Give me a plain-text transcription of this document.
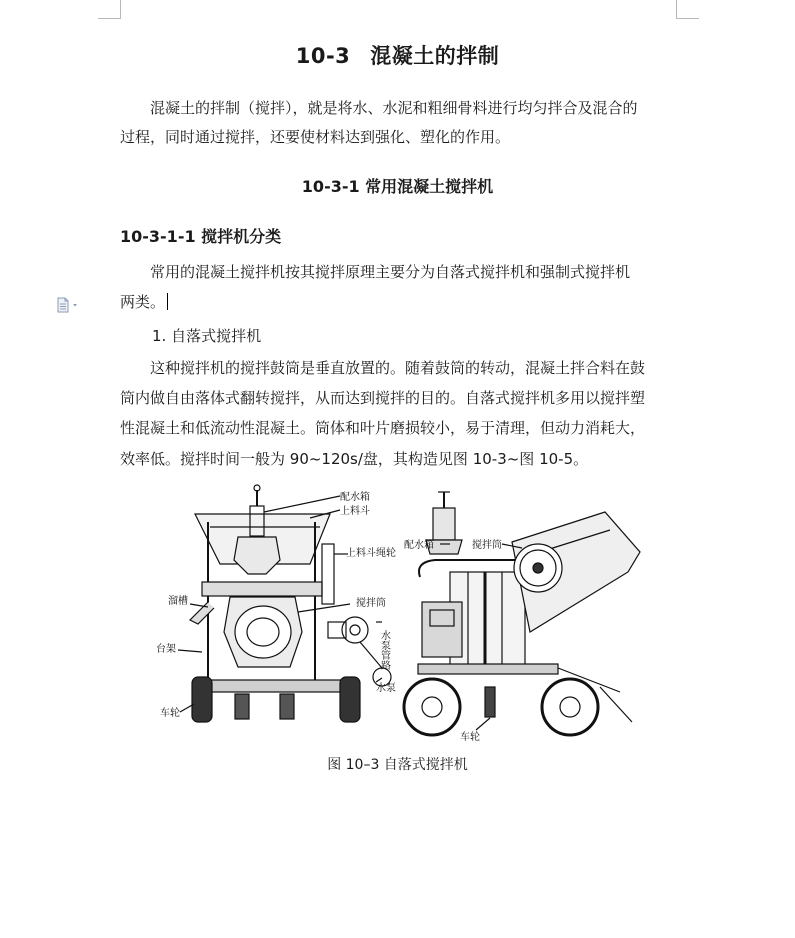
10-3 混凝土的拌制
混凝土的拌制（搅拌），就是将水、水泥和粗细骨料进行均匀拌合及混合的
过程，同时通过搅拌，还要使材料达到强化、塑化的作用。
10-3-1 常用混凝土搅拌机
10-3-1-1 搅拌机分类
常用的混凝土搅拌机按其搅拌原理主要分为自落式搅拌机和强制式搅拌机
两类。
1. 自落式搅拌机
这种搅拌机的搅拌鼓筒是垂直放置的。随着鼓筒的转动，混凝土拌合料在鼓
筒内做自由落体式翻转搅拌，从而达到搅拌的目的。自落式搅拌机多用以搅拌塑
性混凝土和低流动性混凝土。筒体和叶片磨损较小，易于清理，但动力消耗大，
效率低。搅拌时间一般为 90~120s/盘，其构造见图 10-3~图 10-5。
配水箱
上料斗
上料斗绳轮
溜槽	搅拌筒
台架	水泵管路
水泵
车轮
配水箱	搅拌筒
车轮
图 10–3 自落式搅拌机
